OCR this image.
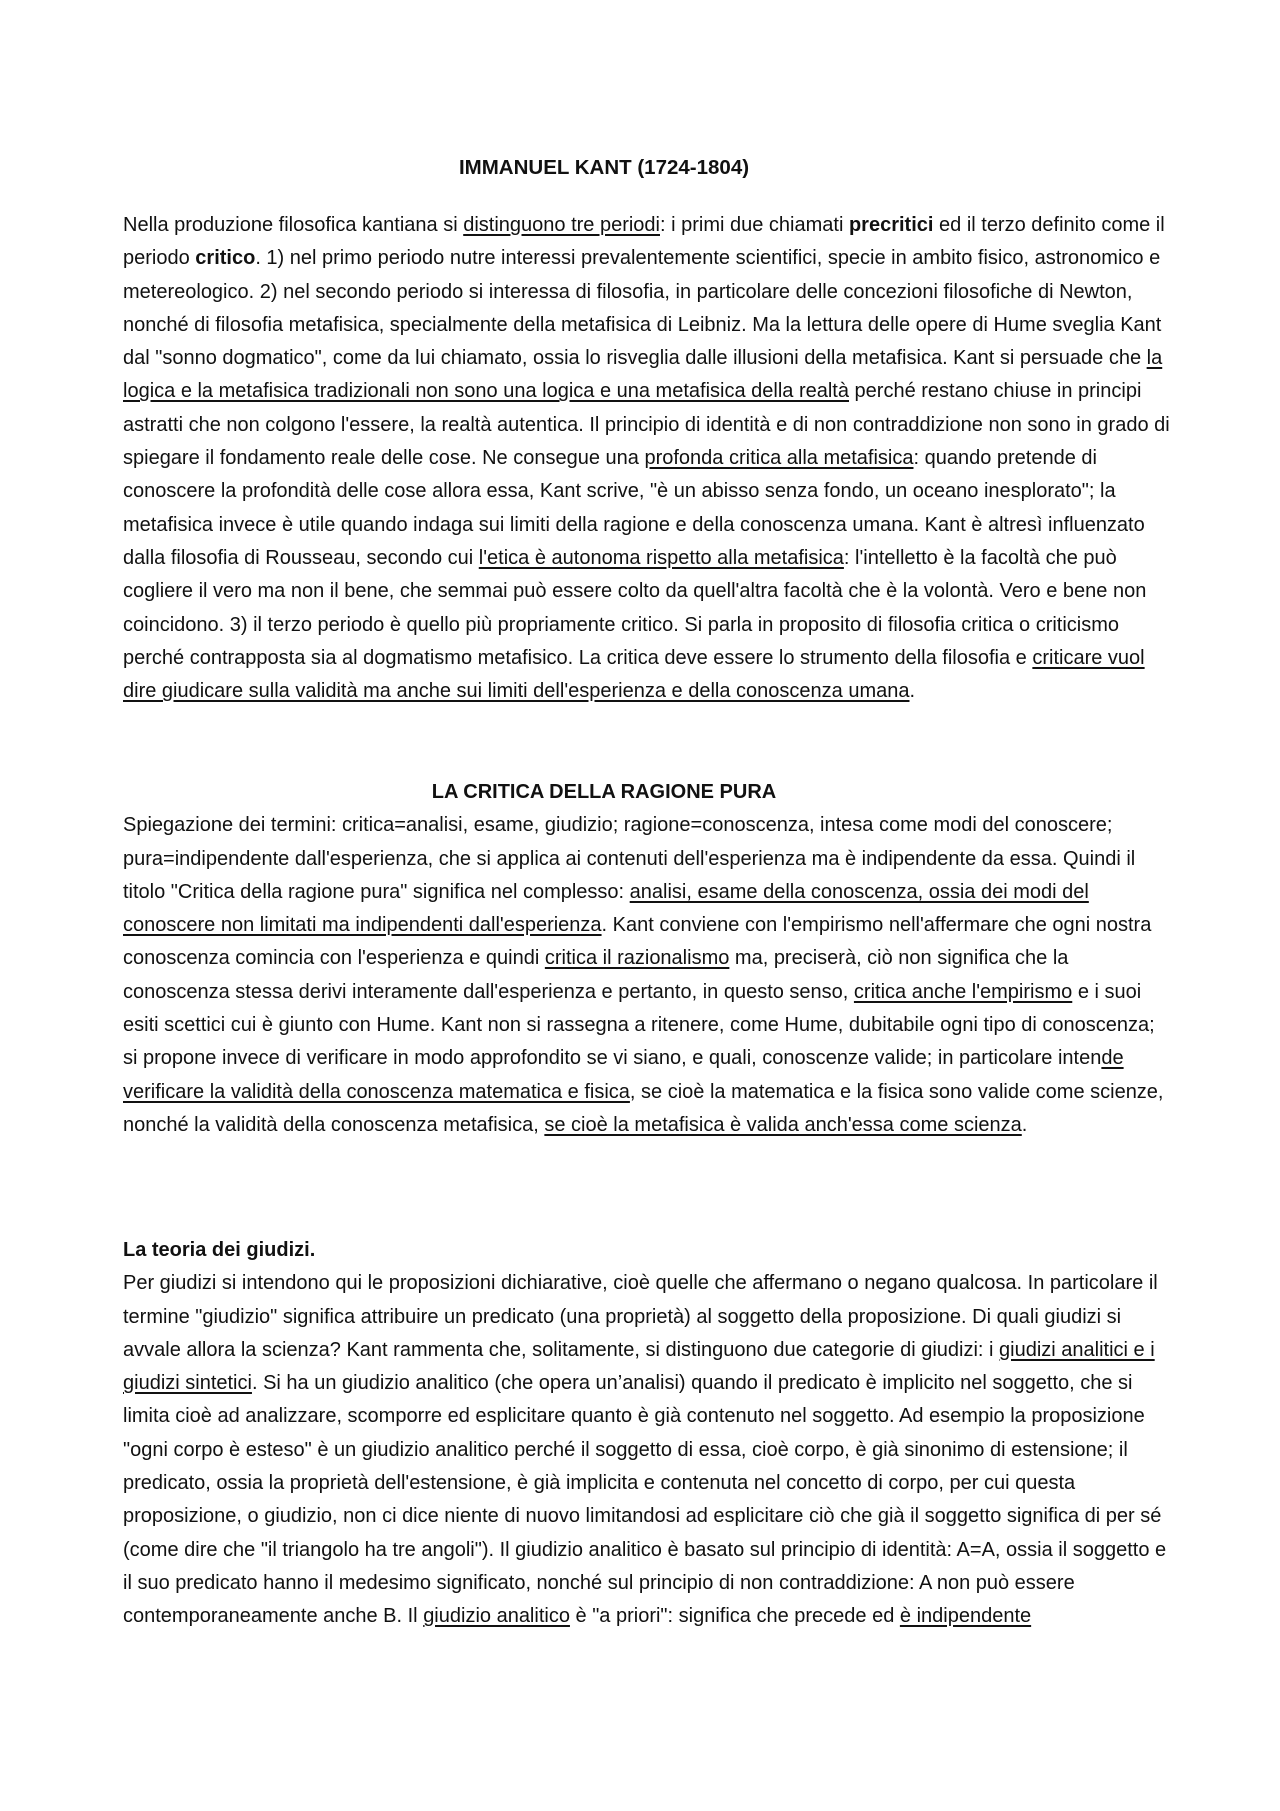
IMMANUEL KANT (1724-1804)

Nella produzione filosofica kantiana si distinguono tre periodi: i primi due chiamati precritici ed il terzo definito come il periodo critico. 1) nel primo periodo nutre interessi prevalentemente scientifici, specie in ambito fisico, astronomico e metereologico. 2) nel secondo periodo si interessa di filosofia, in particolare delle concezioni filosofiche di Newton, nonché di filosofia metafisica, specialmente della metafisica di Leibniz. Ma la lettura delle opere di Hume sveglia Kant dal "sonno dogmatico", come da lui chiamato, ossia lo risveglia dalle illusioni della metafisica. Kant si persuade che la logica e la metafisica tradizionali non sono una logica e una metafisica della realtà perché restano chiuse in principi astratti che non colgono l'essere, la realtà autentica. Il principio di identità e di non contraddizione non sono in grado di spiegare il fondamento reale delle cose. Ne consegue una profonda critica alla metafisica: quando pretende di conoscere la profondità delle cose allora essa, Kant scrive, "è un abisso senza fondo, un oceano inesplorato"; la metafisica invece è utile quando indaga sui limiti della ragione e della conoscenza umana. Kant è altresì influenzato dalla filosofia di Rousseau, secondo cui l'etica è autonoma rispetto alla metafisica: l'intelletto è la facoltà che può cogliere il vero ma non il bene, che semmai può essere colto da quell'altra facoltà che è la volontà. Vero e bene non coincidono. 3) il terzo periodo è quello più propriamente critico. Si parla in proposito di filosofia critica o criticismo perché contrapposta sia al dogmatismo metafisico. La critica deve essere lo strumento della filosofia e criticare vuol dire giudicare sulla validità ma anche sui limiti dell'esperienza e della conoscenza umana.

LA CRITICA DELLA RAGIONE PURA

Spiegazione dei termini: critica=analisi, esame, giudizio; ragione=conoscenza, intesa come modi del conoscere; pura=indipendente dall'esperienza, che si applica ai contenuti dell'esperienza ma è indipendente da essa. Quindi il titolo "Critica della ragione pura" significa nel complesso: analisi, esame della conoscenza, ossia dei modi del conoscere non limitati ma indipendenti dall'esperienza. Kant conviene con l'empirismo nell'affermare che ogni nostra conoscenza comincia con l'esperienza e quindi critica il razionalismo ma, preciserà, ciò non significa che la conoscenza stessa derivi interamente dall'esperienza e pertanto, in questo senso, critica anche l'empirismo e i suoi esiti scettici cui è giunto con Hume. Kant non si rassegna a ritenere, come Hume, dubitabile ogni tipo di conoscenza; si propone invece di verificare in modo approfondito se vi siano, e quali, conoscenze valide; in particolare intende verificare la validità della conoscenza matematica e fisica, se cioè la matematica e la fisica sono valide come scienze, nonché la validità della conoscenza metafisica, se cioè la metafisica è valida anch'essa come scienza.

La teoria dei giudizi.

Per giudizi si intendono qui le proposizioni dichiarative, cioè quelle che affermano o negano qualcosa. In particolare il termine "giudizio" significa attribuire un predicato (una proprietà) al soggetto della proposizione. Di quali giudizi si avvale allora la scienza? Kant rammenta che, solitamente, si distinguono due categorie di giudizi: i giudizi analitici e i giudizi sintetici. Si ha un giudizio analitico (che opera un’analisi) quando il predicato è implicito nel soggetto, che si limita cioè ad analizzare, scomporre ed esplicitare quanto è già contenuto nel soggetto. Ad esempio la proposizione "ogni corpo è esteso" è un giudizio analitico perché il soggetto di essa, cioè corpo, è già sinonimo di estensione; il predicato, ossia la proprietà dell'estensione, è già implicita e contenuta nel concetto di corpo, per cui questa proposizione, o giudizio, non ci dice niente di nuovo limitandosi ad esplicitare ciò che già il soggetto significa di per sé (come dire che "il triangolo ha tre angoli"). Il giudizio analitico è basato sul principio di identità: A=A, ossia il soggetto e il suo predicato hanno il medesimo significato, nonché sul principio di non contraddizione: A non può essere contemporaneamente anche B. Il giudizio analitico è "a priori": significa che precede ed è indipendente
